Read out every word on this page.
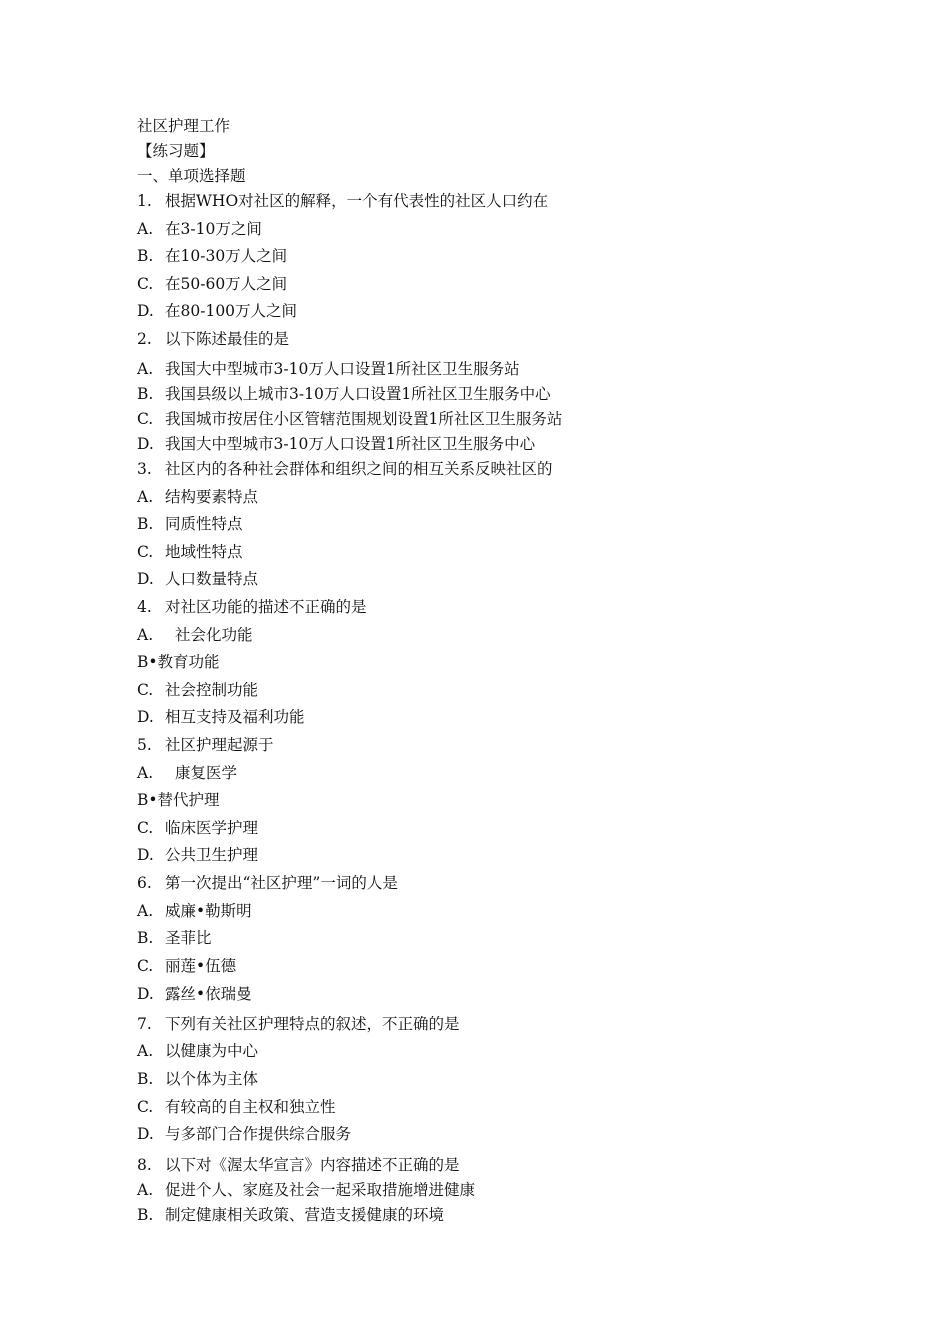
社区护理工作
【练习题】
一、单项选择题
1. 根据WHO对社区的解释，一个有代表性的社区人口约在
A. 在3-10万之间
B. 在10-30万人之间
C. 在50-60万人之间
D. 在80-100万人之间
2. 以下陈述最佳的是
A. 我国大中型城市3-10万人口设置1所社区卫生服务站
B. 我国县级以上城市3-10万人口设置1所社区卫生服务中心
C. 我国城市按居住小区管辖范围规划设置1所社区卫生服务站
D. 我国大中型城市3-10万人口设置1所社区卫生服务中心
3. 社区内的各种社会群体和组织之间的相互关系反映社区的
A. 结构要素特点
B. 同质性特点
C. 地域性特点
D. 人口数量特点
4. 对社区功能的描述不正确的是
A. 社会化功能
B•教育功能
C. 社会控制功能
D. 相互支持及福利功能
5. 社区护理起源于
A. 康复医学
B•替代护理
C. 临床医学护理
D. 公共卫生护理
6. 第一次提出“社区护理”一词的人是
A. 威廉•勒斯明
B. 圣菲比
C. 丽莲•伍德
D. 露丝•依瑞曼
7. 下列有关社区护理特点的叙述，不正确的是
A. 以健康为中心
B. 以个体为主体
C. 有较高的自主权和独立性
D. 与多部门合作提供综合服务
8. 以下对《渥太华宣言》内容描述不正确的是
A. 促进个人、家庭及社会一起采取措施增进健康
B. 制定健康相关政策、营造支援健康的环境
